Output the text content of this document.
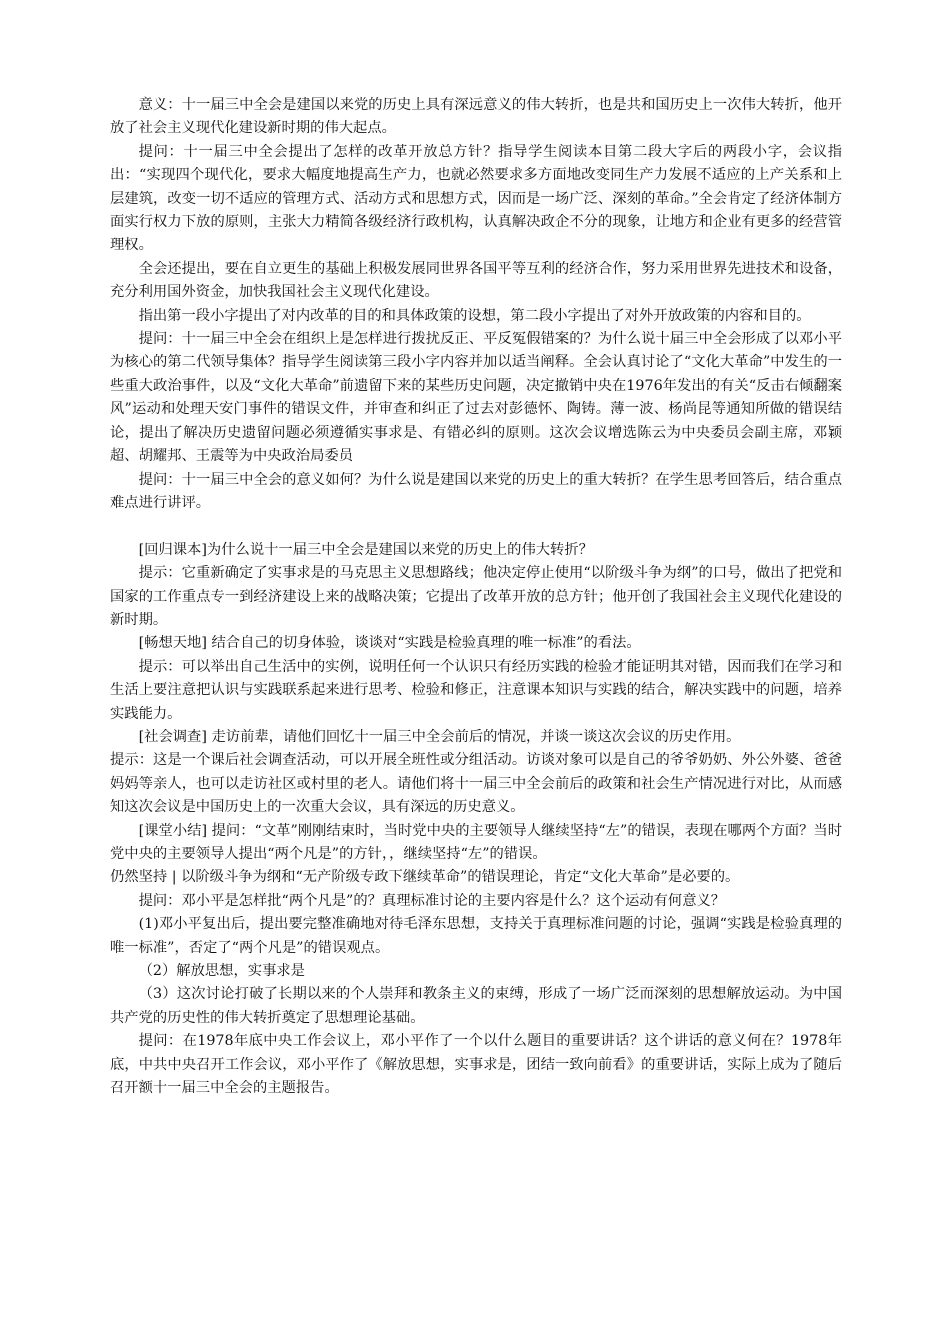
意义：十一届三中全会是建国以来党的历史上具有深远意义的伟大转折，也是共和国历史上一次伟大转折，他开放了社会主义现代化建设新时期的伟大起点。

提问：十一届三中全会提出了怎样的改革开放总方针？指导学生阅读本目第二段大字后的两段小字，会议指出：“实现四个现代化，要求大幅度地提高生产力，也就必然要求多方面地改变同生产力发展不适应的上产关系和上层建筑，改变一切不适应的管理方式、活动方式和思想方式，因而是一场广泛、深刻的革命。”全会肯定了经济体制方面实行权力下放的原则，主张大力精简各级经济行政机构，认真解决政企不分的现象，让地方和企业有更多的经营管理权。

全会还提出，要在自立更生的基础上积极发展同世界各国平等互利的经济合作，努力采用世界先进技术和设备，充分利用国外资金，加快我国社会主义现代化建设。

指出第一段小字提出了对内改革的目的和具体政策的设想，第二段小字提出了对外开放政策的内容和目的。

提问：十一届三中全会在组织上是怎样进行拨扰反正、平反冤假错案的？为什么说十届三中全会形成了以邓小平为核心的第二代领导集体？指导学生阅读第三段小字内容并加以适当阐释。全会认真讨论了“文化大革命”中发生的一些重大政治事件，以及“文化大革命”前遗留下来的某些历史问题，决定撤销中央在1976年发出的有关“反击右倾翻案风”运动和处理天安门事件的错误文件，并审查和纠正了过去对彭德怀、陶铸。薄一波、杨尚昆等通知所做的错误结论，提出了解决历史遗留问题必须遵循实事求是、有错必纠的原则。这次会议增选陈云为中央委员会副主席，邓颖超、胡耀邦、王震等为中央政治局委员

提问：十一届三中全会的意义如何？为什么说是建国以来党的历史上的重大转折？在学生思考回答后，结合重点难点进行讲评。

[回归课本]为什么说十一届三中全会是建国以来党的历史上的伟大转折？

提示：它重新确定了实事求是的马克思主义思想路线；他决定停止使用“以阶级斗争为纲”的口号，做出了把党和国家的工作重点专一到经济建设上来的战略决策；它提出了改革开放的总方针；他开创了我国社会主义现代化建设的新时期。

[畅想天地] 结合自己的切身体验，谈谈对“实践是检验真理的唯一标准”的看法。

提示：可以举出自己生活中的实例，说明任何一个认识只有经历实践的检验才能证明其对错，因而我们在学习和生活上要注意把认识与实践联系起来进行思考、检验和修正，注意课本知识与实践的结合，解决实践中的问题，培养实践能力。

[社会调查] 走访前辈，请他们回忆十一届三中全会前后的情况，并谈一谈这次会议的历史作用。

提示：这是一个课后社会调查活动，可以开展全班性或分组活动。访谈对象可以是自己的爷爷奶奶、外公外婆、爸爸妈妈等亲人，也可以走访社区或村里的老人。请他们将十一届三中全会前后的政策和社会生产情况进行对比，从而感知这次会议是中国历史上的一次重大会议，具有深远的历史意义。

[课堂小结] 提问：“文革”刚刚结束时，当时党中央的主要领导人继续坚持“左”的错误，表现在哪两个方面？当时党中央的主要领导人提出“两个凡是”的方针，，继续坚持“左”的错误。

仍然坚持 | 以阶级斗争为纲和“无产阶级专政下继续革命”的错误理论，肯定“文化大革命”是必要的。

提问：邓小平是怎样批“两个凡是”的？真理标准讨论的主要内容是什么？这个运动有何意义？

(1)邓小平复出后，提出要完整准确地对待毛泽东思想，支持关于真理标准问题的讨论，强调“实践是检验真理的唯一标准”，否定了“两个凡是”的错误观点。

（2）解放思想，实事求是

（3）这次讨论打破了长期以来的个人崇拜和教条主义的束缚，形成了一场广泛而深刻的思想解放运动。为中国共产党的历史性的伟大转折奠定了思想理论基础。

提问：在1978年底中央工作会议上，邓小平作了一个以什么题目的重要讲话？这个讲话的意义何在？1978年底，中共中央召开工作会议，邓小平作了《解放思想，实事求是，团结一致向前看》的重要讲话，实际上成为了随后召开额十一届三中全会的主题报告。
